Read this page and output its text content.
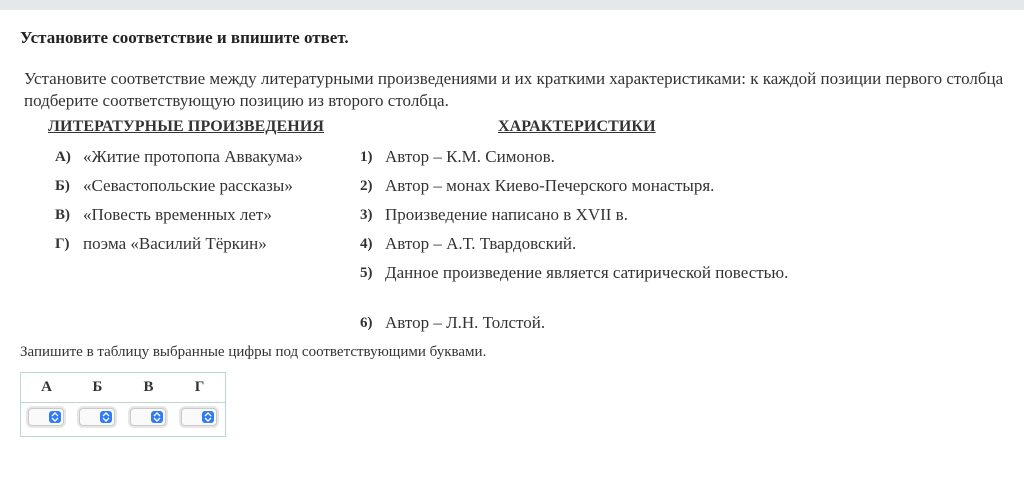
Установите соответствие и впишите ответ.
Установите соответствие между литературными произведениями и их краткими характеристиками: к каждой позиции первого столбца подберите соответствующую позицию из второго столбца.
ЛИТЕРАТУРНЫЕ ПРОИЗВЕДЕНИЯ	ХАРАКТЕРИСТИКИ
А) «Житие протопопа Аввакума»
Б) «Севастопольские рассказы»
В) «Повесть временных лет»
Г) поэма «Василий Тёркин»
1) Автор – К.М. Симонов.
2) Автор – монах Киево-Печерского монастыря.
3) Произведение написано в XVII в.
4) Автор – А.Т. Твардовский.
5) Данное произведение является сатирической повестью.
6) Автор – Л.Н. Толстой.
Запишите в таблицу выбранные цифры под соответствующими буквами.
А	Б	В	Г
